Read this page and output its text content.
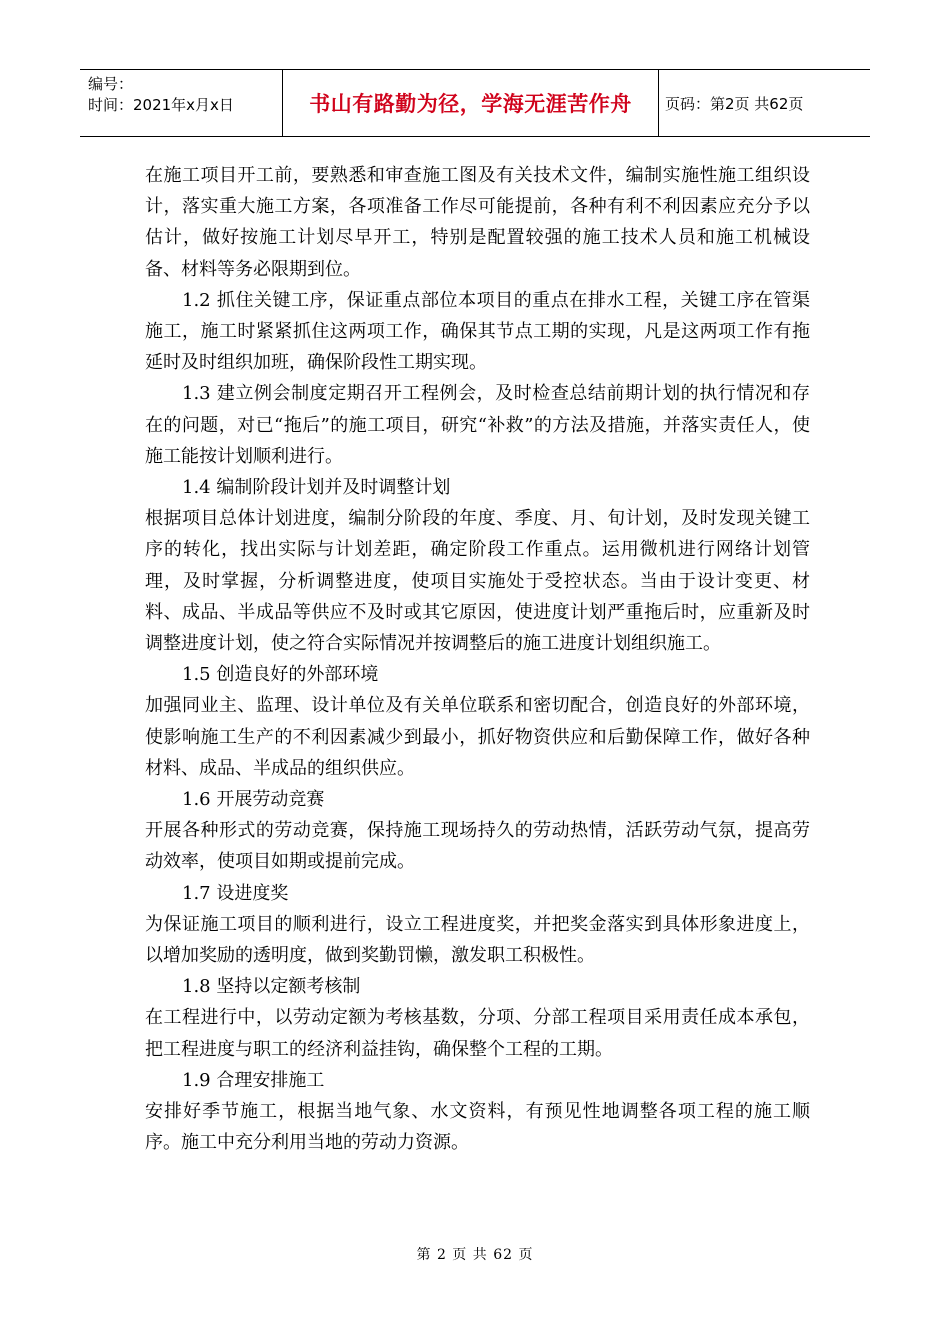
编号：
时间：2021年x月x日	书山有路勤为径，学海无涯苦作舟	页码：第2页 共62页

在施工项目开工前，要熟悉和审查施工图及有关技术文件，编制实施性施工组织设计，落实重大施工方案，各项准备工作尽可能提前，各种有利不利因素应充分予以估计，做好按施工计划尽早开工，特别是配置较强的施工技术人员和施工机械设备、材料等务必限期到位。

1.2 抓住关键工序，保证重点部位本项目的重点在排水工程，关键工序在管渠施工，施工时紧紧抓住这两项工作，确保其节点工期的实现，凡是这两项工作有拖延时及时组织加班，确保阶段性工期实现。

1.3 建立例会制度定期召开工程例会，及时检查总结前期计划的执行情况和存在的问题，对已“拖后”的施工项目，研究“补救”的方法及措施，并落实责任人，使施工能按计划顺利进行。

1.4 编制阶段计划并及时调整计划

根据项目总体计划进度，编制分阶段的年度、季度、月、旬计划，及时发现关键工序的转化，找出实际与计划差距，确定阶段工作重点。运用微机进行网络计划管理，及时掌握，分析调整进度，使项目实施处于受控状态。当由于设计变更、材料、成品、半成品等供应不及时或其它原因，使进度计划严重拖后时，应重新及时调整进度计划，使之符合实际情况并按调整后的施工进度计划组织施工。

1.5 创造良好的外部环境

加强同业主、监理、设计单位及有关单位联系和密切配合，创造良好的外部环境，使影响施工生产的不利因素减少到最小，抓好物资供应和后勤保障工作，做好各种材料、成品、半成品的组织供应。

1.6 开展劳动竞赛

开展各种形式的劳动竞赛，保持施工现场持久的劳动热情，活跃劳动气氛，提高劳动效率，使项目如期或提前完成。

1.7 设进度奖

为保证施工项目的顺利进行，设立工程进度奖，并把奖金落实到具体形象进度上，以增加奖励的透明度，做到奖勤罚懒，激发职工积极性。

1.8 坚持以定额考核制

在工程进行中，以劳动定额为考核基数，分项、分部工程项目采用责任成本承包，把工程进度与职工的经济利益挂钩，确保整个工程的工期。

1.9 合理安排施工

安排好季节施工，根据当地气象、水文资料，有预见性地调整各项工程的施工顺序。施工中充分利用当地的劳动力资源。

第 2 页 共 62 页
